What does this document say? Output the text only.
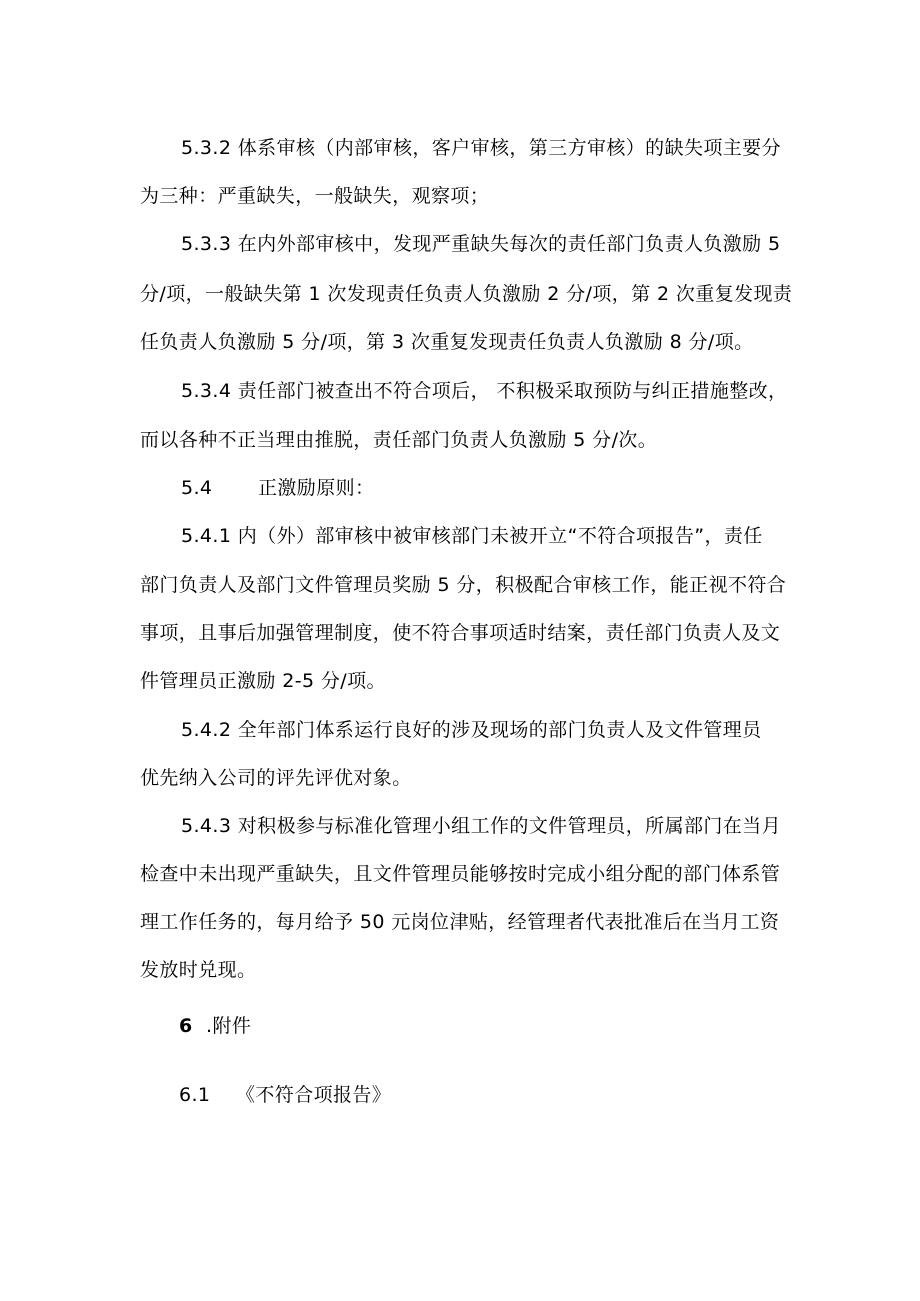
5.3.2 体系审核（内部审核，客户审核，第三方审核）的缺失项主要分
为三种：严重缺失，一般缺失，观察项；
5.3.3 在内外部审核中，发现严重缺失每次的责任部门负责人负激励 5
分/项，一般缺失第 1 次发现责任负责人负激励 2 分/项，第 2 次重复发现责
任负责人负激励 5 分/项，第 3 次重复发现责任负责人负激励 8 分/项。
5.3.4 责任部门被查出不符合项后， 不积极采取预防与纠正措施整改，
而以各种不正当理由推脱，责任部门负责人负激励 5 分/次。
5.4 正激励原则：
5.4.1 内（外）部审核中被审核部门未被开立“不符合项报告”，责任
部门负责人及部门文件管理员奖励 5 分，积极配合审核工作，能正视不符合
事项，且事后加强管理制度，使不符合事项适时结案，责任部门负责人及文
件管理员正激励 2-5 分/项。
5.4.2 全年部门体系运行良好的涉及现场的部门负责人及文件管理员
优先纳入公司的评先评优对象。
5.4.3 对积极参与标准化管理小组工作的文件管理员，所属部门在当月
检查中未出现严重缺失，且文件管理员能够按时完成小组分配的部门体系管
理工作任务的，每月给予 50 元岗位津贴，经管理者代表批准后在当月工资
发放时兑现。
6 .附件
6.1 《不符合项报告》
